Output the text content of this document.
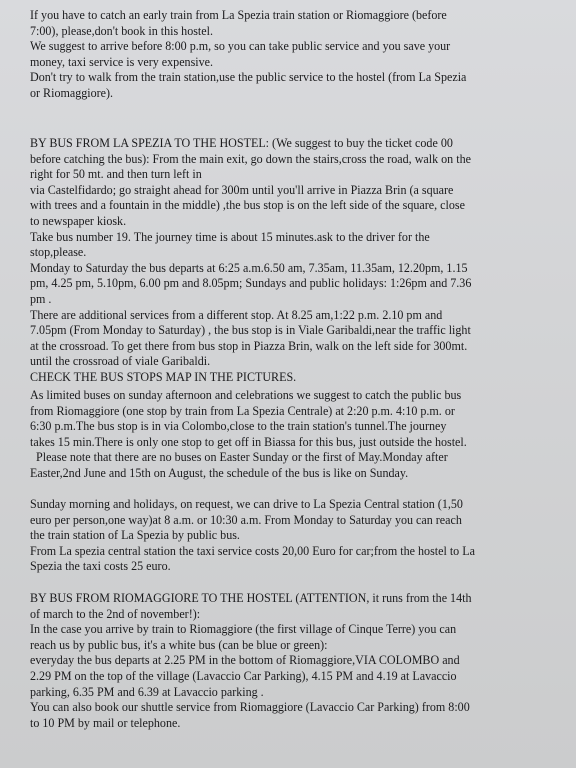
If you have to catch an early train from La Spezia train station or Riomaggiore (before
7:00), please,don't book in this hostel.
We suggest to arrive before 8:00 p.m, so you can take public service and you save your
money, taxi service is very expensive.
Don't try to walk from the train station,use the public service to the hostel (from La Spezia
or Riomaggiore).
BY BUS FROM LA SPEZIA TO THE HOSTEL: (We suggest to buy the ticket code 00
before catching the bus): From the main exit, go down the stairs,cross the road, walk on the
right for 50 mt. and then turn left in
via Castelfidardo; go straight ahead for 300m until you'll arrive in Piazza Brin (a square
with trees and a fountain in the middle) ,the bus stop is on the left side of the square, close
to newspaper kiosk.
Take bus number 19. The journey time is about 15 minutes.ask to the driver for the
stop,please.
Monday to Saturday the bus departs at 6:25 a.m.6.50 am, 7.35am, 11.35am, 12.20pm, 1.15
pm, 4.25 pm, 5.10pm, 6.00 pm and 8.05pm; Sundays and public holidays: 1:26pm and 7.36
pm .
There are additional services from a different stop. At 8.25 am,1:22 p.m. 2.10 pm and
7.05pm (From Monday to Saturday) , the bus stop is in Viale Garibaldi,near the traffic light
at the crossroad. To get there from bus stop in Piazza Brin, walk on the left side for 300mt.
until the crossroad of viale Garibaldi.
CHECK THE BUS STOPS MAP IN THE PICTURES.
As limited buses on sunday afternoon and celebrations we suggest to catch the public bus
from Riomaggiore (one stop by train from La Spezia Centrale) at 2:20 p.m. 4:10 p.m. or
6:30 p.m.The bus stop is in via Colombo,close to the train station's tunnel.The journey
takes 15 min.There is only one stop to get off in Biassa for this bus, just outside the hostel.
Please note that there are no buses on Easter Sunday or the first of May.Monday after
Easter,2nd June and 15th on August, the schedule of the bus is like on Sunday.
Sunday morning and holidays, on request, we can drive to La Spezia Central station (1,50
euro per person,one way)at 8 a.m. or 10:30 a.m. From Monday to Saturday you can reach
the train station of La Spezia by public bus.
From La spezia central station the taxi service costs 20,00 Euro for car;from the hostel to La
Spezia the taxi costs 25 euro.
BY BUS FROM RIOMAGGIORE TO THE HOSTEL (ATTENTION, it runs from the 14th
of march to the 2nd of november!):
In the case you arrive by train to Riomaggiore (the first village of Cinque Terre) you can
reach us by public bus, it's a white bus (can be blue or green):
everyday the bus departs at 2.25 PM in the bottom of Riomaggiore,VIA COLOMBO and
2.29 PM on the top of the village (Lavaccio Car Parking), 4.15 PM and 4.19 at Lavaccio
parking, 6.35 PM and 6.39 at Lavaccio parking .
You can also book our shuttle service from Riomaggiore (Lavaccio Car Parking) from 8:00
to 10 PM by mail or telephone.
